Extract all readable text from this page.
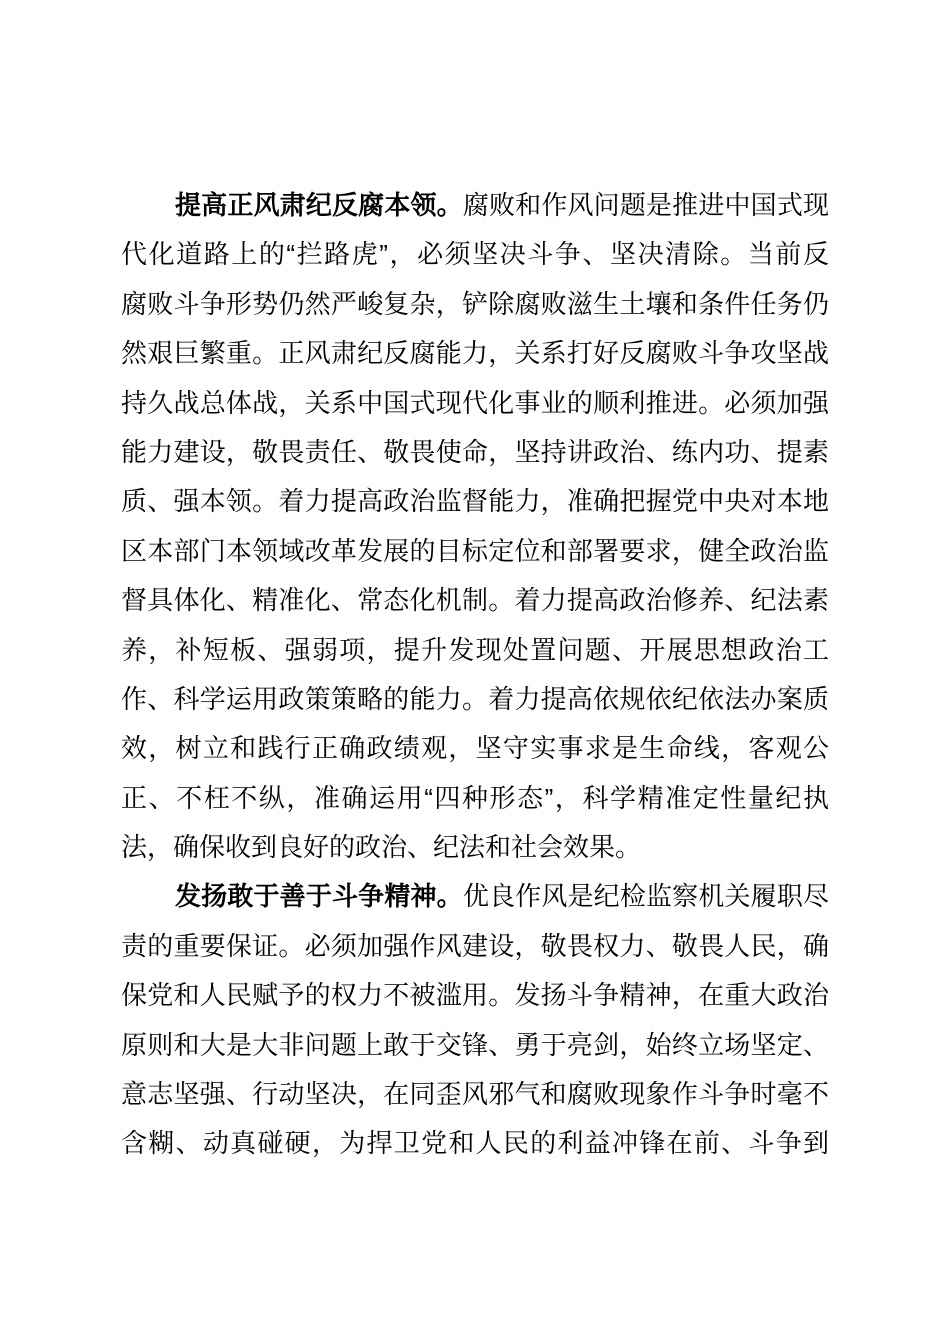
提高正风肃纪反腐本领。腐败和作风问题是推进中国式现
代化道路上的“拦路虎”，必须坚决斗争、坚决清除。当前反
腐败斗争形势仍然严峻复杂，铲除腐败滋生土壤和条件任务仍
然艰巨繁重。正风肃纪反腐能力，关系打好反腐败斗争攻坚战
持久战总体战，关系中国式现代化事业的顺利推进。必须加强
能力建设，敬畏责任、敬畏使命，坚持讲政治、练内功、提素
质、强本领。着力提高政治监督能力，准确把握党中央对本地
区本部门本领域改革发展的目标定位和部署要求，健全政治监
督具体化、精准化、常态化机制。着力提高政治修养、纪法素
养，补短板、强弱项，提升发现处置问题、开展思想政治工
作、科学运用政策策略的能力。着力提高依规依纪依法办案质
效，树立和践行正确政绩观，坚守实事求是生命线，客观公
正、不枉不纵，准确运用“四种形态”，科学精准定性量纪执
法，确保收到良好的政治、纪法和社会效果。
发扬敢于善于斗争精神。优良作风是纪检监察机关履职尽
责的重要保证。必须加强作风建设，敬畏权力、敬畏人民，确
保党和人民赋予的权力不被滥用。发扬斗争精神，在重大政治
原则和大是大非问题上敢于交锋、勇于亮剑，始终立场坚定、
意志坚强、行动坚决，在同歪风邪气和腐败现象作斗争时毫不
含糊、动真碰硬，为捍卫党和人民的利益冲锋在前、斗争到
